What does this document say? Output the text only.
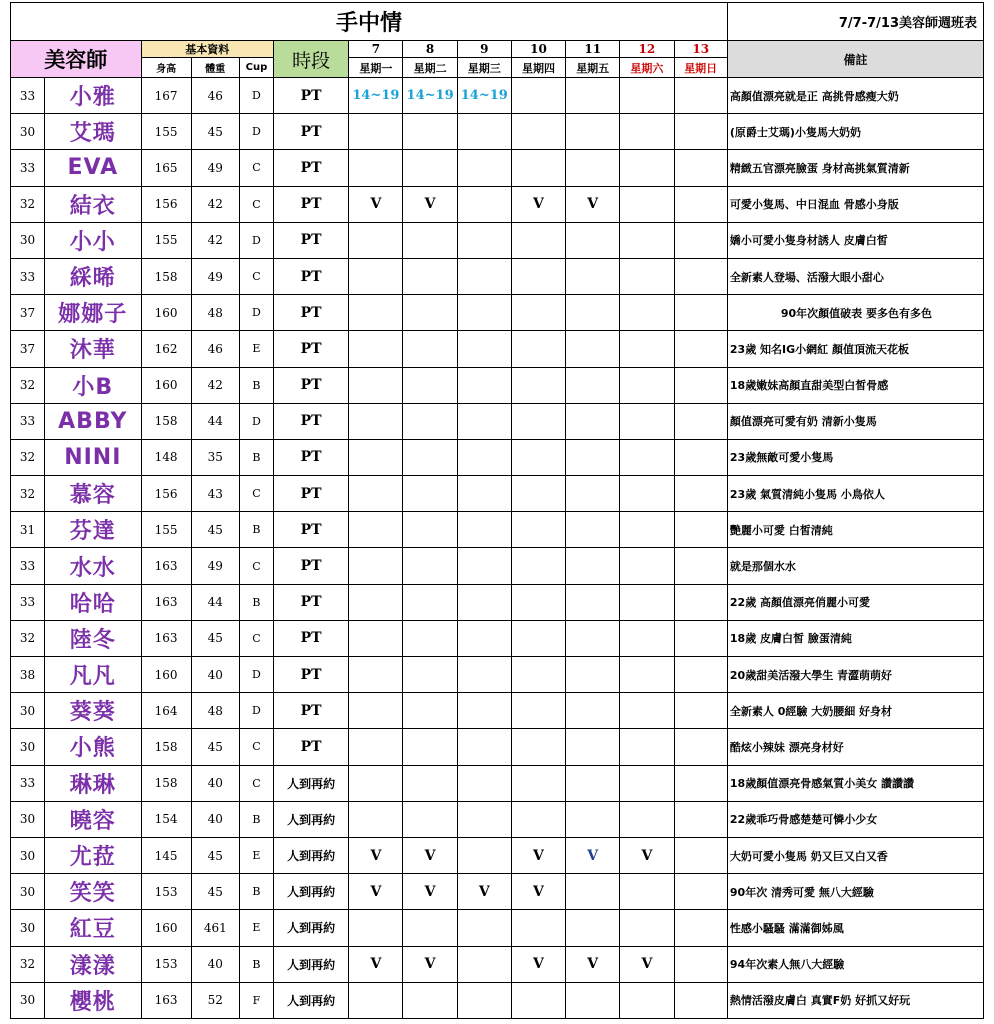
手中情													7/7-7/13美容師週班表
美容師		基本資料			時段	7	8	9	10	11	12	13	備註
		身高	體重	Cup		星期一	星期二	星期三	星期四	星期五	星期六	星期日	
33	小雅	167	46	D	PT	14~19	14~19	14~19					高顏值漂亮就是正 高挑骨感瘦大奶
30	艾瑪	155	45	D	PT								(原爵士艾瑪)小隻馬大奶奶
33	EVA	165	49	C	PT								精緻五官漂亮臉蛋 身材高挑氣質清新
32	結衣	156	42	C	PT	V	V		V	V			可愛小隻馬、中日混血 骨感小身版
30	小小	155	42	D	PT								嬌小可愛小隻身材誘人 皮膚白皙
33	綵晞	158	49	C	PT								全新素人登場、活潑大眼小甜心
37	娜娜子	160	48	D	PT								90年次顏值破表 要多色有多色
37	沐華	162	46	E	PT								23歲 知名IG小網紅 顏值頂流天花板
32	小B	160	42	B	PT								18歲嫩妹高顏直甜美型白皙骨感
33	ABBY	158	44	D	PT								顏值漂亮可愛有奶 清新小隻馬
32	NINI	148	35	B	PT								23歲無敵可愛小隻馬
32	慕容	156	43	C	PT								23歲 氣質清純小隻馬 小鳥依人
31	芬達	155	45	B	PT								艷麗小可愛 白皙清純
33	水水	163	49	C	PT								就是那個水水
33	哈哈	163	44	B	PT								22歲 高顏值漂亮俏麗小可愛
32	陸冬	163	45	C	PT								18歲 皮膚白皙 臉蛋清純
38	凡凡	160	40	D	PT								20歲甜美活潑大學生 青澀萌萌好
30	葵葵	164	48	D	PT								全新素人 0經驗 大奶腰細 好身材
30	小熊	158	45	C	PT								酷炫小辣妹 漂亮身材好
33	琳琳	158	40	C	人到再約								18歲顏值漂亮骨感氣質小美女 讚讚讚
30	曉容	154	40	B	人到再約								22歲乖巧骨感楚楚可憐小少女
30	尤菈	145	45	E	人到再約	V	V		V	V	V		大奶可愛小隻馬 奶又巨又白又香
30	笑笑	153	45	B	人到再約	V	V	V	V				90年次 清秀可愛 無八大經驗
30	紅豆	160	461	E	人到再約								性感小騷騷 滿滿御姊風
32	漾漾	153	40	B	人到再約	V	V		V	V	V		94年次素人無八大經驗
30	櫻桃	163	52	F	人到再約								熱情活潑皮膚白 真實F奶 好抓又好玩
